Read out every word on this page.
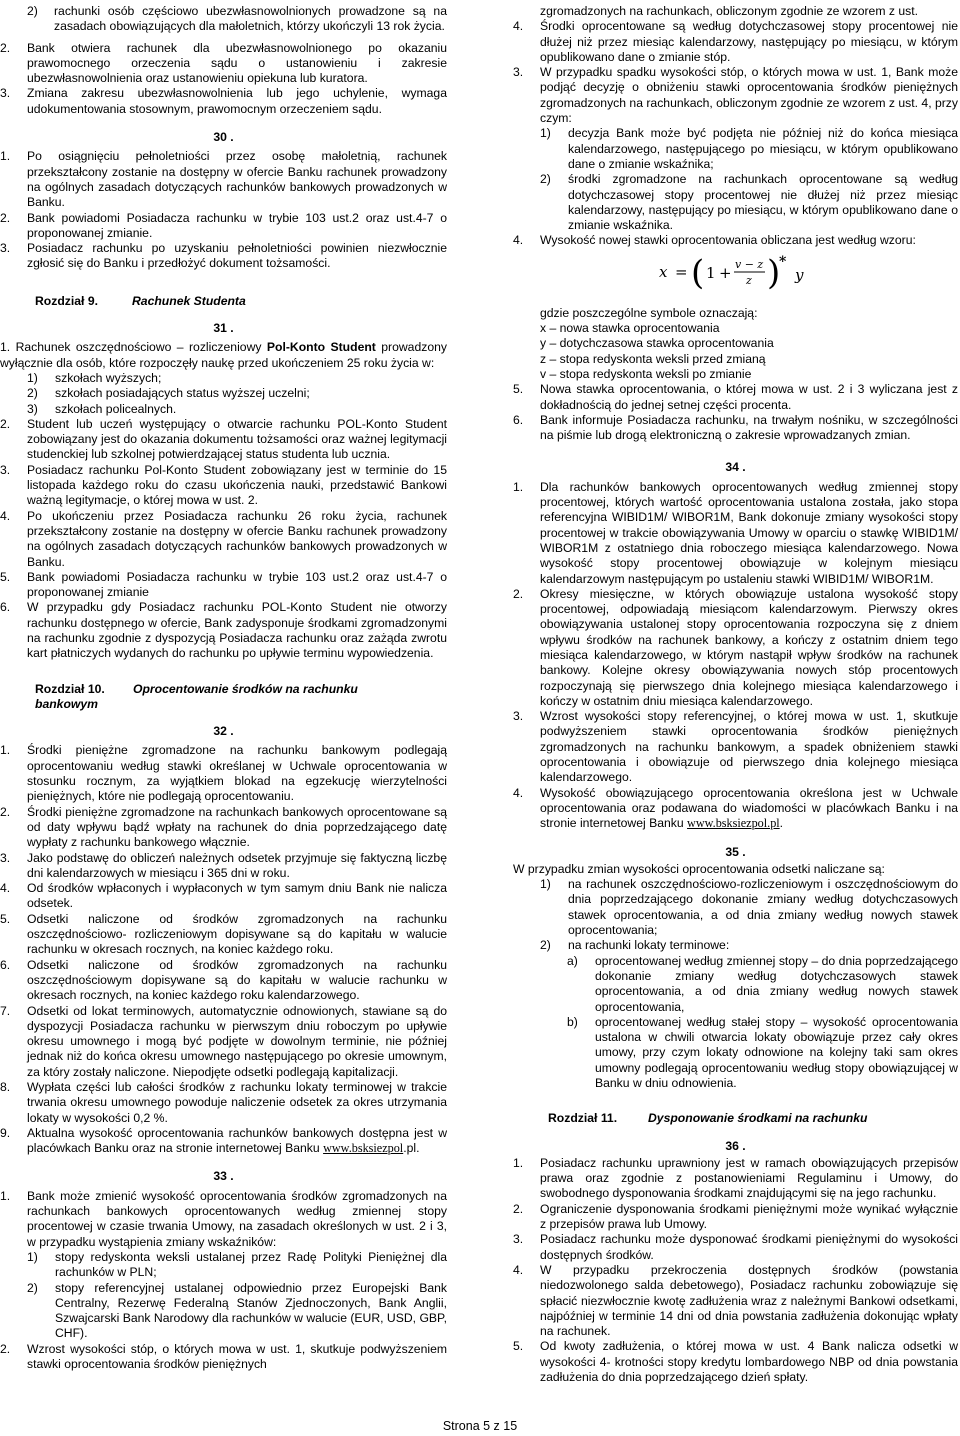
2)	rachunki osób częściowo ubezwłasnowolnionych prowadzone są na zasadach obowiązujących dla małoletnich, którzy ukończyli 13 rok życia.
2.	Bank otwiera rachunek dla ubezwłasnowolnionego po okazaniu prawomocnego orzeczenia sądu o ustanowieniu i zakresie ubezwłasnowolnienia oraz ustanowieniu opiekuna lub kuratora.
3.	Zmiana zakresu ubezwłasnowolnienia lub jego uchylenie, wymaga udokumentowania stosownym, prawomocnym orzeczeniem sądu.

30 .

1.	Po osiągnięciu pełnoletniości przez osobę małoletnią, rachunek przekształcony zostanie na dostępny w ofercie Banku rachunek prowadzony na ogólnych zasadach dotyczących rachunków bankowych prowadzonych w Banku.
2.	Bank powiadomi Posiadacza rachunku w trybie 103 ust.2 oraz ust.4-7 o proponowanej zmianie.
3.	Posiadacz rachunku po uzyskaniu pełnoletniości powinien niezwłocznie zgłosić się do Banku i przedłożyć dokument tożsamości.
Rozdział 9.	Rachunek Studenta

31 .

1. Rachunek oszczędnościowo – rozliczeniowy Pol-Konto Student prowadzony wyłącznie dla osób, które rozpoczęły naukę przed ukończeniem 25 roku życia w:

1)	szkołach wyższych;
2)	szkołach posiadających status wyższej uczelni;
3)	szkołach policealnych.
2.	Student lub uczeń występujący o otwarcie rachunku POL-Konto Student zobowiązany jest do okazania dokumentu tożsamości oraz ważnej legitymacji studenckiej lub szkolnej potwierdzającej status studenta lub ucznia.
3.	Posiadacz rachunku Pol-Konto Student zobowiązany jest w terminie do 15 listopada każdego roku do czasu ukończenia nauki, przedstawić Bankowi ważną legitymacje, o której mowa w ust. 2.
4.	Po ukończeniu przez Posiadacza rachunku 26 roku życia, rachunek przekształcony zostanie na dostępny w ofercie Banku rachunek prowadzony na ogólnych zasadach dotyczących rachunków bankowych prowadzonych w Banku.
5.	Bank powiadomi Posiadacza rachunku w trybie 103 ust.2 oraz ust.4-7 o proponowanej zmianie
6.	W przypadku gdy Posiadacz rachunku POL-Konto Student nie otworzy rachunku dostępnego w ofercie, Bank zadysponuje środkami zgromadzonymi na rachunku zgodnie z dyspozycją Posiadacza rachunku oraz zażąda zwrotu kart płatniczych wydanych do rachunku po upływie terminu wypowiedzenia.
Rozdział 10.	Oprocentowanie środków na rachunku
bankowym

32 .

1.	Środki pieniężne zgromadzone na rachunku bankowym podlegają oprocentowaniu według stawki określanej w Uchwale oprocentowania w stosunku rocznym, za wyjątkiem blokad na egzekucję wierzytelności pieniężnych, które nie podlegają oprocentowaniu.
2.	Środki pieniężne zgromadzone na rachunkach bankowych oprocentowane są od daty wpływu bądź wpłaty na rachunek do dnia poprzedzającego datę wypłaty z rachunku bankowego włącznie.
3.	Jako podstawę do obliczeń należnych odsetek przyjmuje się faktyczną liczbę dni kalendarzowych w miesiącu i 365 dni w roku.
4.	Od środków wpłaconych i wypłaconych w tym samym dniu Bank nie nalicza odsetek.
5.	Odsetki naliczone od środków zgromadzonych na rachunku oszczędnościowo- rozliczeniowym dopisywane są do kapitału w walucie rachunku w okresach rocznych, na koniec każdego roku.
6.	Odsetki naliczone od środków zgromadzonych na rachunku oszczędnościowym dopisywane są do kapitału w walucie rachunku w okresach rocznych, na koniec każdego roku kalendarzowego.
7.	Odsetki od lokat terminowych, automatycznie odnowionych, stawiane są do dyspozycji Posiadacza rachunku w pierwszym dniu roboczym po upływie okresu umownego i mogą być podjęte w dowolnym terminie, nie później jednak niż do końca okresu umownego następującego po okresie umownym, za który zostały naliczone. Niepodjęte odsetki podlegają kapitalizacji.
8.	Wypłata części lub całości środków z rachunku lokaty terminowej w trakcie trwania okresu umownego powoduje naliczenie odsetek za okres utrzymania lokaty w wysokości 0,2 %.
9.	Aktualna wysokość oprocentowania rachunków bankowych dostępna jest w placówkach Banku oraz na stronie internetowej Banku www.bsksiezpol.pl.

33 .

1.	Bank może zmienić wysokość oprocentowania środków zgromadzonych na rachunkach bankowych oprocentowanych według zmiennej stopy procentowej w czasie trwania Umowy, na zasadach określonych w ust. 2 i 3, w przypadku wystąpienia zmiany wskaźników:
1)	stopy redyskonta weksli ustalanej przez Radę Polityki Pieniężnej dla rachunków w PLN;
2)	stopy referencyjnej ustalanej odpowiednio przez Europejski Bank Centralny, Rezerwę Federalną Stanów Zjednoczonych, Bank Anglii, Szwajcarski Bank Narodowy dla rachunków w walucie (EUR, USD, GBP, CHF).
2.	Wzrost wysokości stóp, o których mowa w ust. 1, skutkuje podwyższeniem stawki oprocentowania środków pieniężnych

zgromadzonych na rachunkach, obliczonym zgodnie ze wzorem z ust.

4.	Środki oprocentowane są według dotychczasowej stopy procentowej nie dłużej niż przez miesiąc kalendarzowy, następujący po miesiącu, w którym opublikowano dane o zmianie stóp.
3.	W przypadku spadku wysokości stóp, o których mowa w ust. 1, Bank może podjąć decyzję o obniżeniu stawki oprocentowania środków pieniężnych zgromadzonych na rachunkach, obliczonym zgodnie ze wzorem z ust. 4, przy czym:
1)	decyzja Bank może być podjęta nie później niż do końca miesiąca kalendarzowego, następującego po miesiącu, w którym opublikowano dane o zmianie wskaźnika;
2)	środki zgromadzone na rachunkach oprocentowane są według dotychczasowej stopy procentowej nie dłużej niż przez miesiąc kalendarzowy, następujący po miesiącu, w którym opublikowano dane o zmianie wskaźnika.
4.	Wysokość nowej stawki oprocentowania obliczana jest według wzoru:
x = ( 1 + v − z
z )
*
y

gdzie poszczególne symbole oznaczają:

x – nowa stawka oprocentowania

y – dotychczasowa stawka oprocentowania

z – stopa redyskonta weksli przed zmianą

v – stopa redyskonta weksli po zmianie

5.	Nowa stawka oprocentowania, o której mowa w ust. 2 i 3 wyliczana jest z dokładnością do jednej setnej części procenta.
6.	Bank informuje Posiadacza rachunku, na trwałym nośniku, w szczególności na piśmie lub drogą elektroniczną o zakresie wprowadzanych zmian.

34 .

1.	Dla rachunków bankowych oprocentowanych według zmiennej stopy procentowej, których wartość oprocentowania ustalona została, jako stopa referencyjna WIBID1M/ WIBOR1M, Bank dokonuje zmiany wysokości stopy procentowej w trakcie obowiązywania Umowy w oparciu o stawkę WIBID1M/ WIBOR1M z ostatniego dnia roboczego miesiąca kalendarzowego. Nowa wysokość stopy procentowej obowiązuje w kolejnym miesiącu kalendarzowym następującym po ustaleniu stawki WIBID1M/ WIBOR1M.
2.	Okresy miesięczne, w których obowiązuje ustalona wysokość stopy procentowej, odpowiadają miesiącom kalendarzowym. Pierwszy okres obowiązywania ustalonej stopy oprocentowania rozpoczyna się z dniem wpływu środków na rachunek bankowy, a kończy z ostatnim dniem tego miesiąca kalendarzowego, w którym nastąpił wpływ środków na rachunek bankowy. Kolejne okresy obowiązywania nowych stóp procentowych rozpoczynają się pierwszego dnia kolejnego miesiąca kalendarzowego i kończy w ostatnim dniu miesiąca kalendarzowego.
3.	Wzrost wysokości stopy referencyjnej, o której mowa w ust. 1, skutkuje podwyższeniem stawki oprocentowania środków pieniężnych zgromadzonych na rachunku bankowym, a spadek obniżeniem stawki oprocentowania i obowiązuje od pierwszego dnia kolejnego miesiąca kalendarzowego.
4.	Wysokość obowiązującego oprocentowania określona jest w Uchwale oprocentowania oraz podawana do wiadomości w placówkach Banku i na stronie internetowej Banku www.bsksiezpol.pl.

35 .

W przypadku zmian wysokości oprocentowania odsetki naliczane są:

1)	na rachunek oszczędnościowo-rozliczeniowym i oszczędnościowym do dnia poprzedzającego dokonanie zmiany według dotychczasowych stawek oprocentowania, a od dnia zmiany według nowych stawek oprocentowania;
2)	na rachunki lokaty terminowe:
a)	oprocentowanej według zmiennej stopy – do dnia poprzedzającego dokonanie zmiany według dotychczasowych stawek oprocentowania, a od dnia zmiany według nowych stawek oprocentowania,
b)	oprocentowanej według stałej stopy – wysokość oprocentowania ustalona w chwili otwarcia lokaty obowiązuje przez cały okres umowy, przy czym lokaty odnowione na kolejny taki sam okres umowny podlegają oprocentowaniu według stopy obowiązującej w Banku w dniu odnowienia.
Rozdział 11.	Dysponowanie środkami na rachunku

36 .

1.	Posiadacz rachunku uprawniony jest w ramach obowiązujących przepisów prawa oraz zgodnie z postanowieniami Regulaminu i Umowy, do swobodnego dysponowania środkami znajdującymi się na jego rachunku.
2.	Ograniczenie dysponowania środkami pieniężnymi może wynikać wyłącznie z przepisów prawa lub Umowy.
3.	Posiadacz rachunku może dysponować środkami pieniężnymi do wysokości dostępnych środków.
4.	W przypadku przekroczenia dostępnych środków (powstania niedozwolonego salda debetowego), Posiadacz rachunku zobowiązuje się spłacić niezwłocznie kwotę zadłużenia wraz z należnymi Bankowi odsetkami, najpóźniej w terminie 14 dni od dnia powstania zadłużenia dokonując wpłaty na rachunek.
5.	Od kwoty zadłużenia, o której mowa w ust. 4 Bank nalicza odsetki w wysokości 4- krotności stopy kredytu lombardowego NBP od dnia powstania zadłużenia do dnia poprzedzającego dzień spłaty.
Strona 5 z 15
